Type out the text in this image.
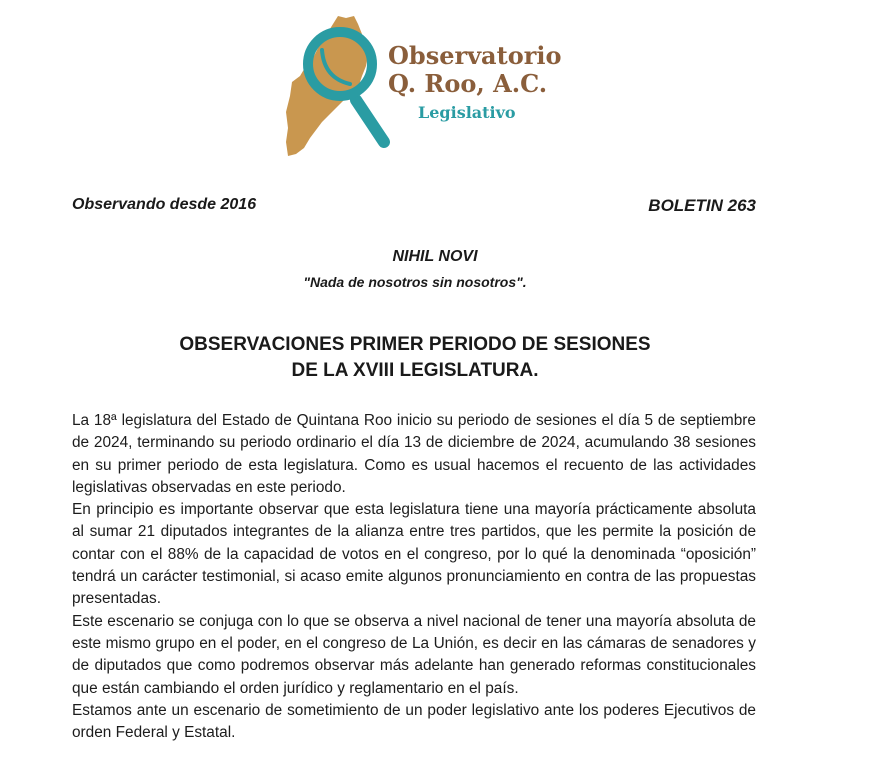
Observatorio
Q. Roo, A.C.
Legislativo
Observando desde 2016	BOLETIN 263
NIHIL NOVI
"Nada de nosotros sin nosotros".
OBSERVACIONES PRIMER PERIODO DE SESIONES
DE LA XVIII LEGISLATURA.

La 18ª legislatura del Estado de Quintana Roo inicio su periodo de sesiones el día 5 de septiembre de 2024, terminando su periodo ordinario el día 13 de diciembre de 2024, acumulando 38 sesiones en su primer periodo de esta legislatura. Como es usual hacemos el recuento de las actividades legislativas observadas en este periodo.

En principio es importante observar que esta legislatura tiene una mayoría prácticamente absoluta al sumar 21 diputados integrantes de la alianza entre tres partidos, que les permite la posición de contar con el 88% de la capacidad de votos en el congreso, por lo qué la denominada “oposición” tendrá un carácter testimonial, si acaso emite algunos pronunciamiento en contra de las propuestas presentadas.

Este escenario se conjuga con lo que se observa a nivel nacional de tener una mayoría absoluta de este mismo grupo en el poder, en el congreso de La Unión, es decir en las cámaras de senadores y de diputados que como podremos observar más adelante han generado reformas constitucionales que están cambiando el orden jurídico y reglamentario en el país.

Estamos ante un escenario de sometimiento de un poder legislativo ante los poderes Ejecutivos de orden Federal y Estatal.
